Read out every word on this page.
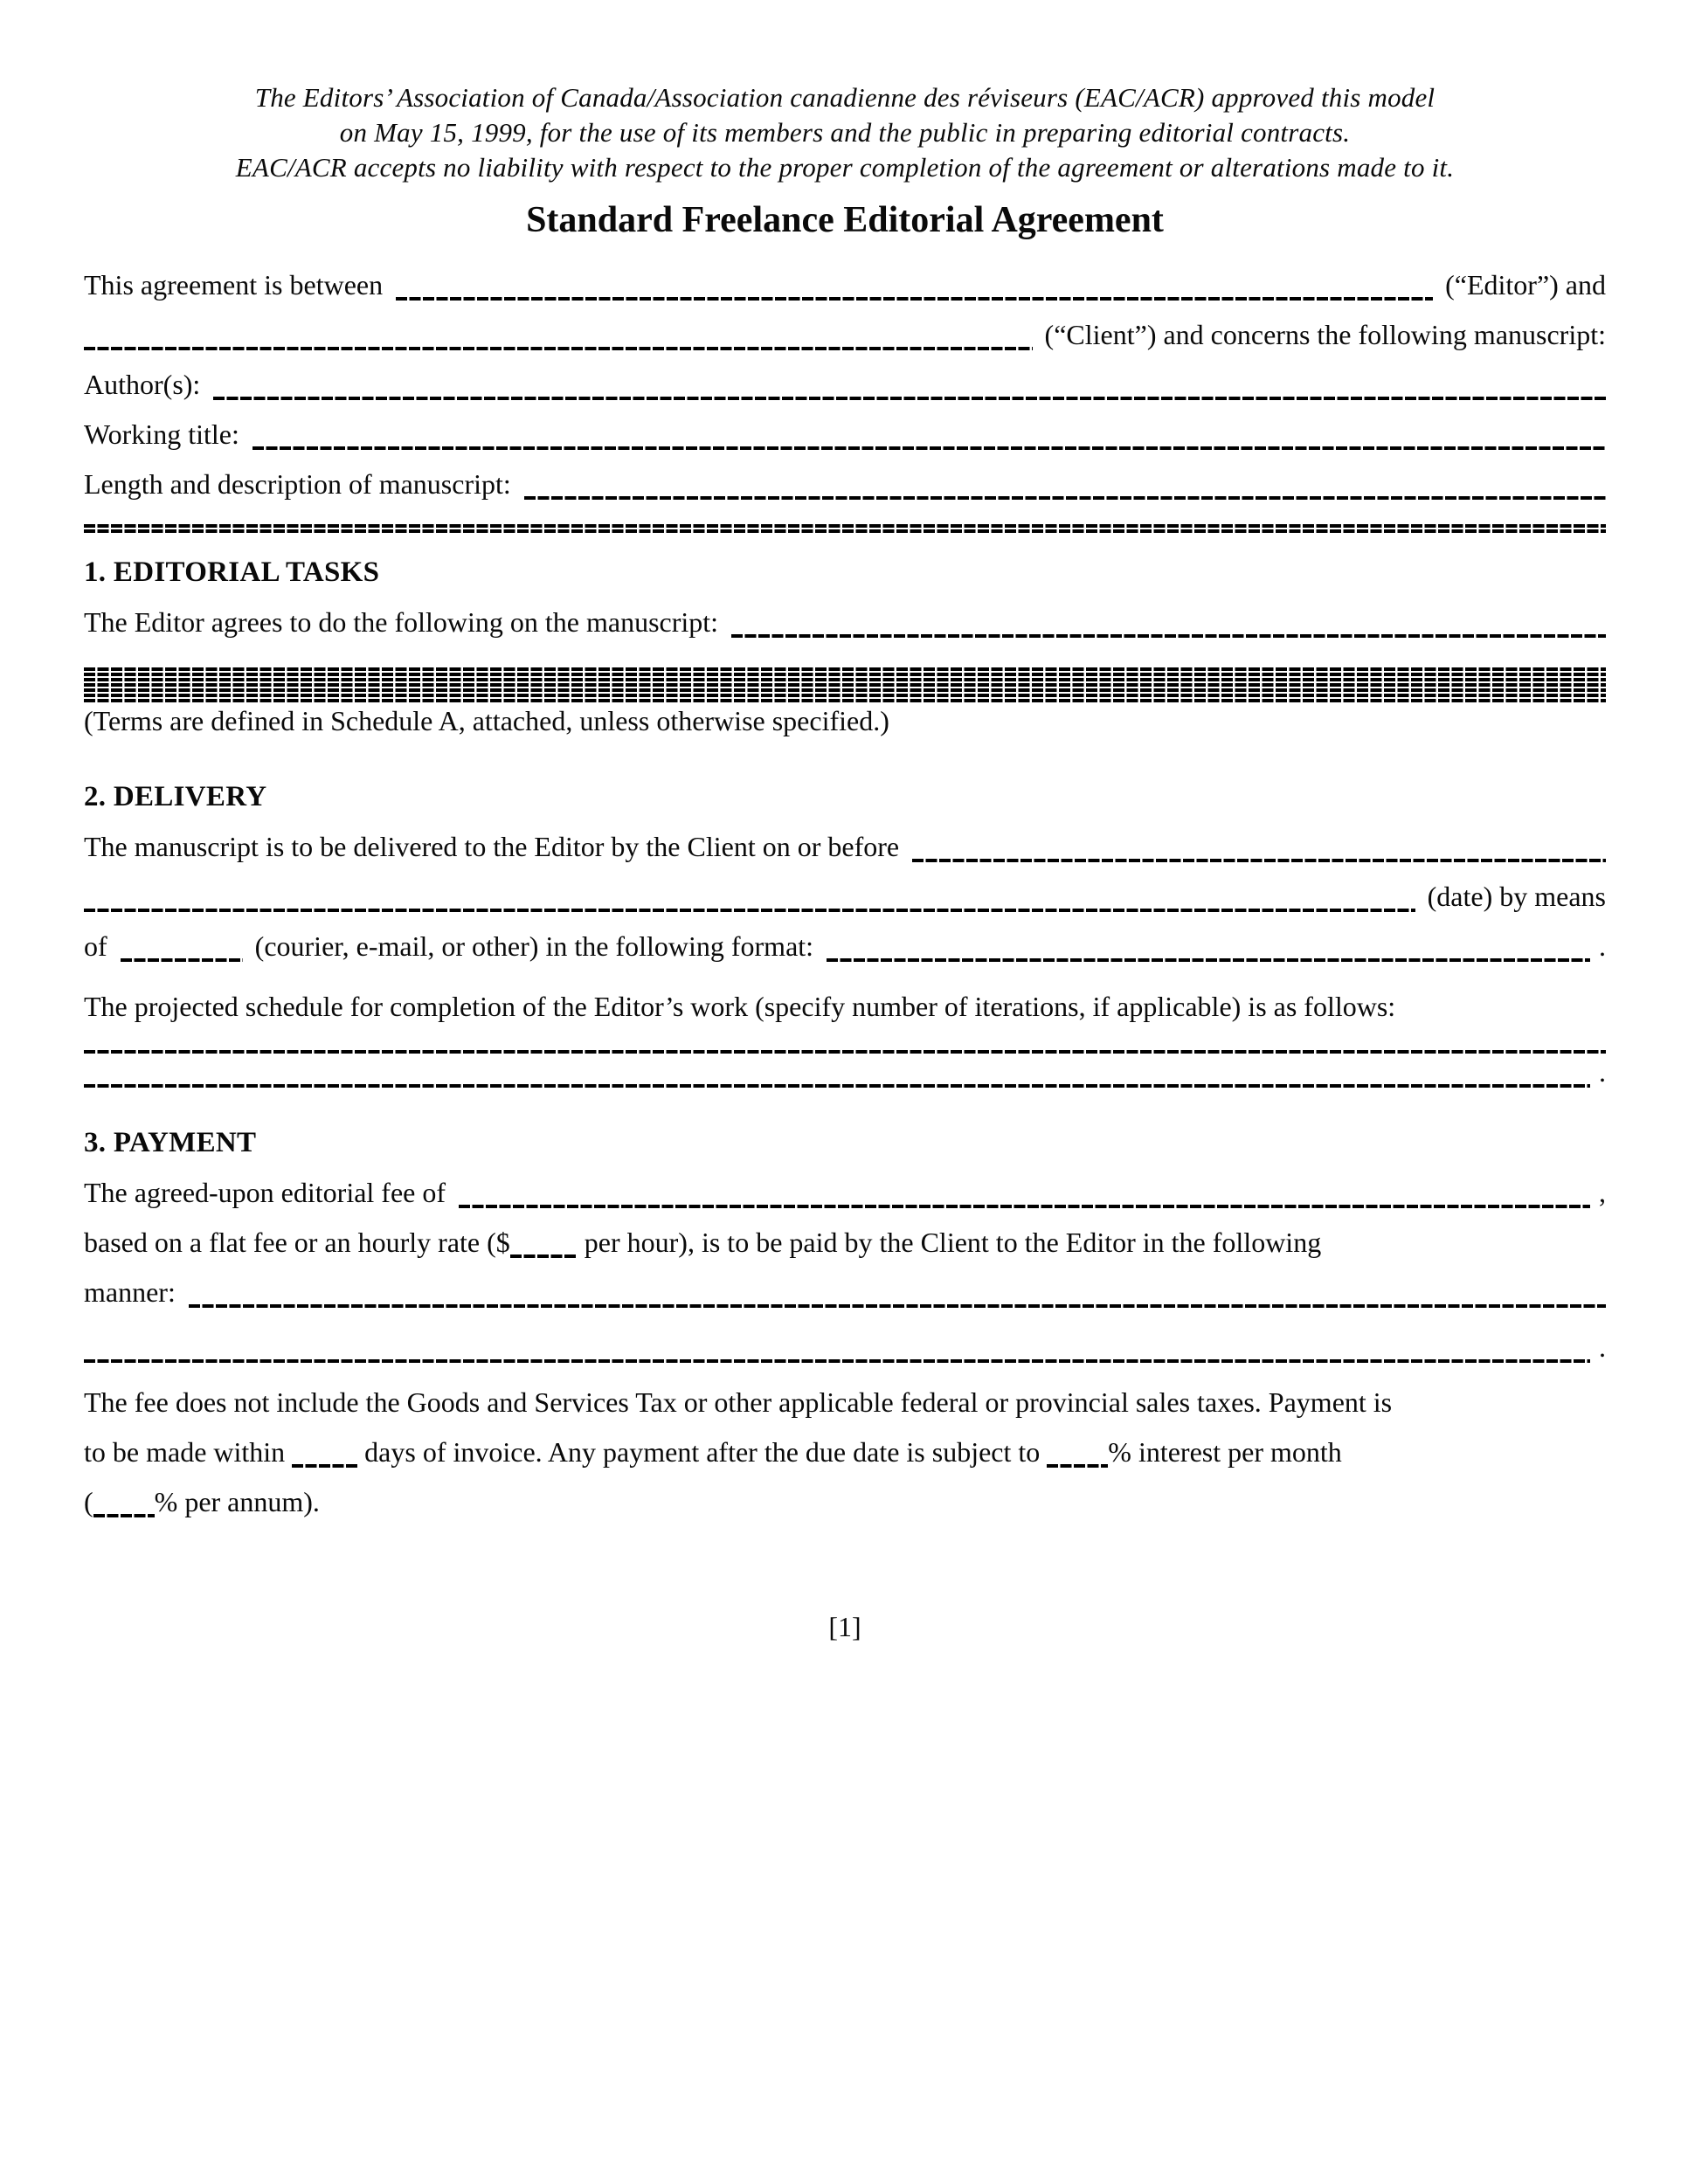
The Editors’ Association of Canada/Association canadienne des réviseurs (EAC/ACR) approved this model
on May 15, 1999, for the use of its members and the public in preparing editorial contracts.
EAC/ACR accepts no liability with respect to the proper completion of the agreement or alterations made to it.
Standard Freelance Editorial Agreement
This agreement is between	(“Editor”) and
(“Client”) and concerns the following manuscript:
Author(s):
Working title:
Length and description of manuscript:
1. EDITORIAL TASKS
The Editor agrees to do the following on the manuscript:
(Terms are defined in Schedule A, attached, unless otherwise specified.)
2. DELIVERY
The manuscript is to be delivered to the Editor by the Client on or before
(date) by means
of	(courier, e-mail, or other) in the following format:	.
The projected schedule for completion of the Editor’s work (specify number of iterations, if applicable) is as follows:
.
3. PAYMENT
The agreed-upon editorial fee of	,
based on a flat fee or an hourly rate ($	per hour), is to be paid by the Client to the Editor in the following
manner:
.
The fee does not include the Goods and Services Tax or other applicable federal or provincial sales taxes. Payment is
to be made within	days of invoice. Any payment after the due date is subject to % interest per month
( % per annum).
[1]
